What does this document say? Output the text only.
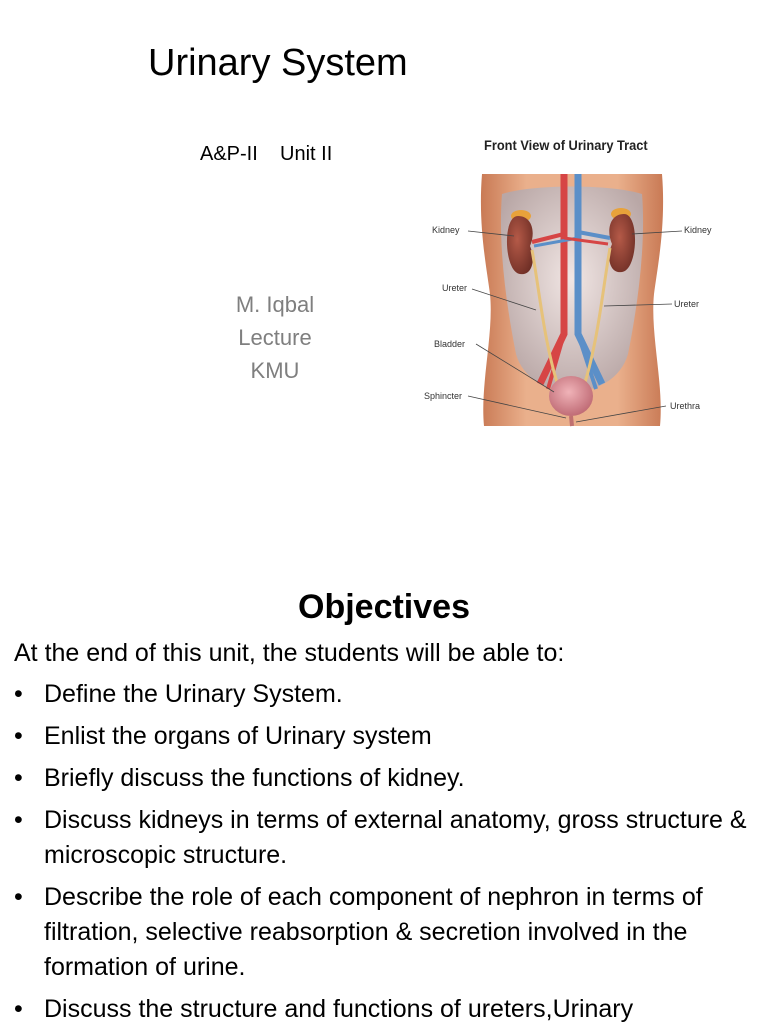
Urinary System
A&P-II    Unit II
M. Iqbal
Lecture
KMU
Front View of Urinary Tract
Kidney	Kidney
Ureter
Ureter
Bladder
Sphincter
Urethra
Objectives
At the end of this unit, the students will be able to:
• Define the Urinary System.
• Enlist the organs of Urinary system
• Briefly discuss the functions of kidney.
• Discuss kidneys in terms of external anatomy, gross structure & microscopic structure.
• Describe the role of each component of nephron in terms of filtration, selective reabsorption & secretion involved in the formation of urine.
• Discuss the structure and functions of ureters,Urinary
